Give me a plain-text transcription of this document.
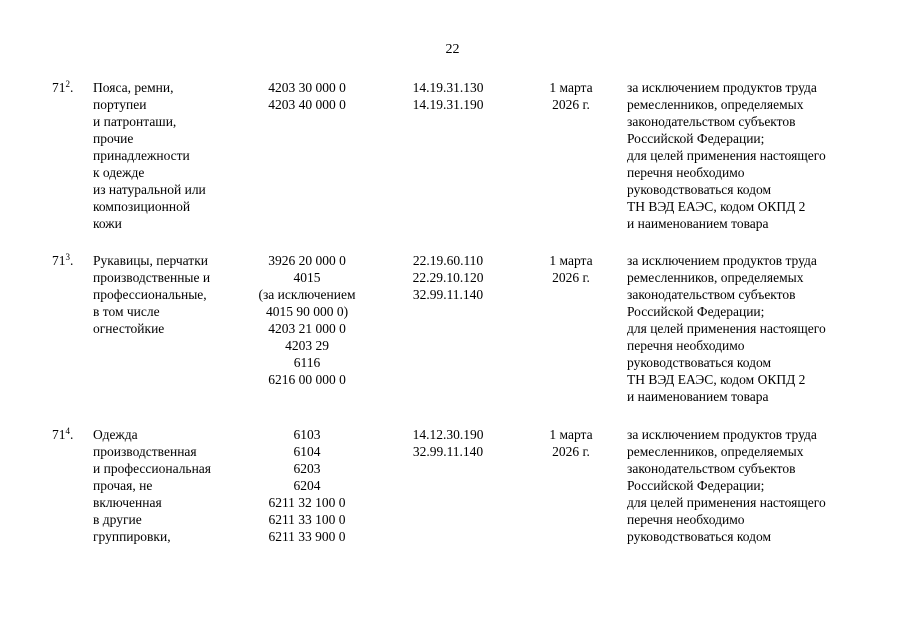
22
$71^2$. Пояса, ремни,
портупеи
и патронташи,
прочие
принадлежности
к одежде
из натуральной или
композиционной
кожи
4203 30 000 0
4203 40 000 0
14.19.31.130
14.19.31.190
1 марта
2026 г.
за исключением продуктов труда
ремесленников, определяемых
законодательством субъектов
Российской Федерации;
для целей применения настоящего
перечня необходимо
руководствоваться кодом
ТН ВЭД ЕАЭС, кодом ОКПД 2
и наименованием товара
$71^3$. Рукавицы, перчатки
производственные и
профессиональные,
в том числе
огнестойкие
3926 20 000 0
4015
(за исключением
4015 90 000 0)
4203 21 000 0
4203 29
6116
6216 00 000 0
22.19.60.110
22.29.10.120
32.99.11.140
1 марта
2026 г.
за исключением продуктов труда
ремесленников, определяемых
законодательством субъектов
Российской Федерации;
для целей применения настоящего
перечня необходимо
руководствоваться кодом
ТН ВЭД ЕАЭС, кодом ОКПД 2
и наименованием товара
$71^4$. Одежда
производственная
и профессиональная
прочая, не
включенная
в другие
группировки,
6103
6104
6203
6204
6211 32 100 0
6211 33 100 0
6211 33 900 0
14.12.30.190
32.99.11.140
1 марта
2026 г.
за исключением продуктов труда
ремесленников, определяемых
законодательством субъектов
Российской Федерации;
для целей применения настоящего
перечня необходимо
руководствоваться кодом
